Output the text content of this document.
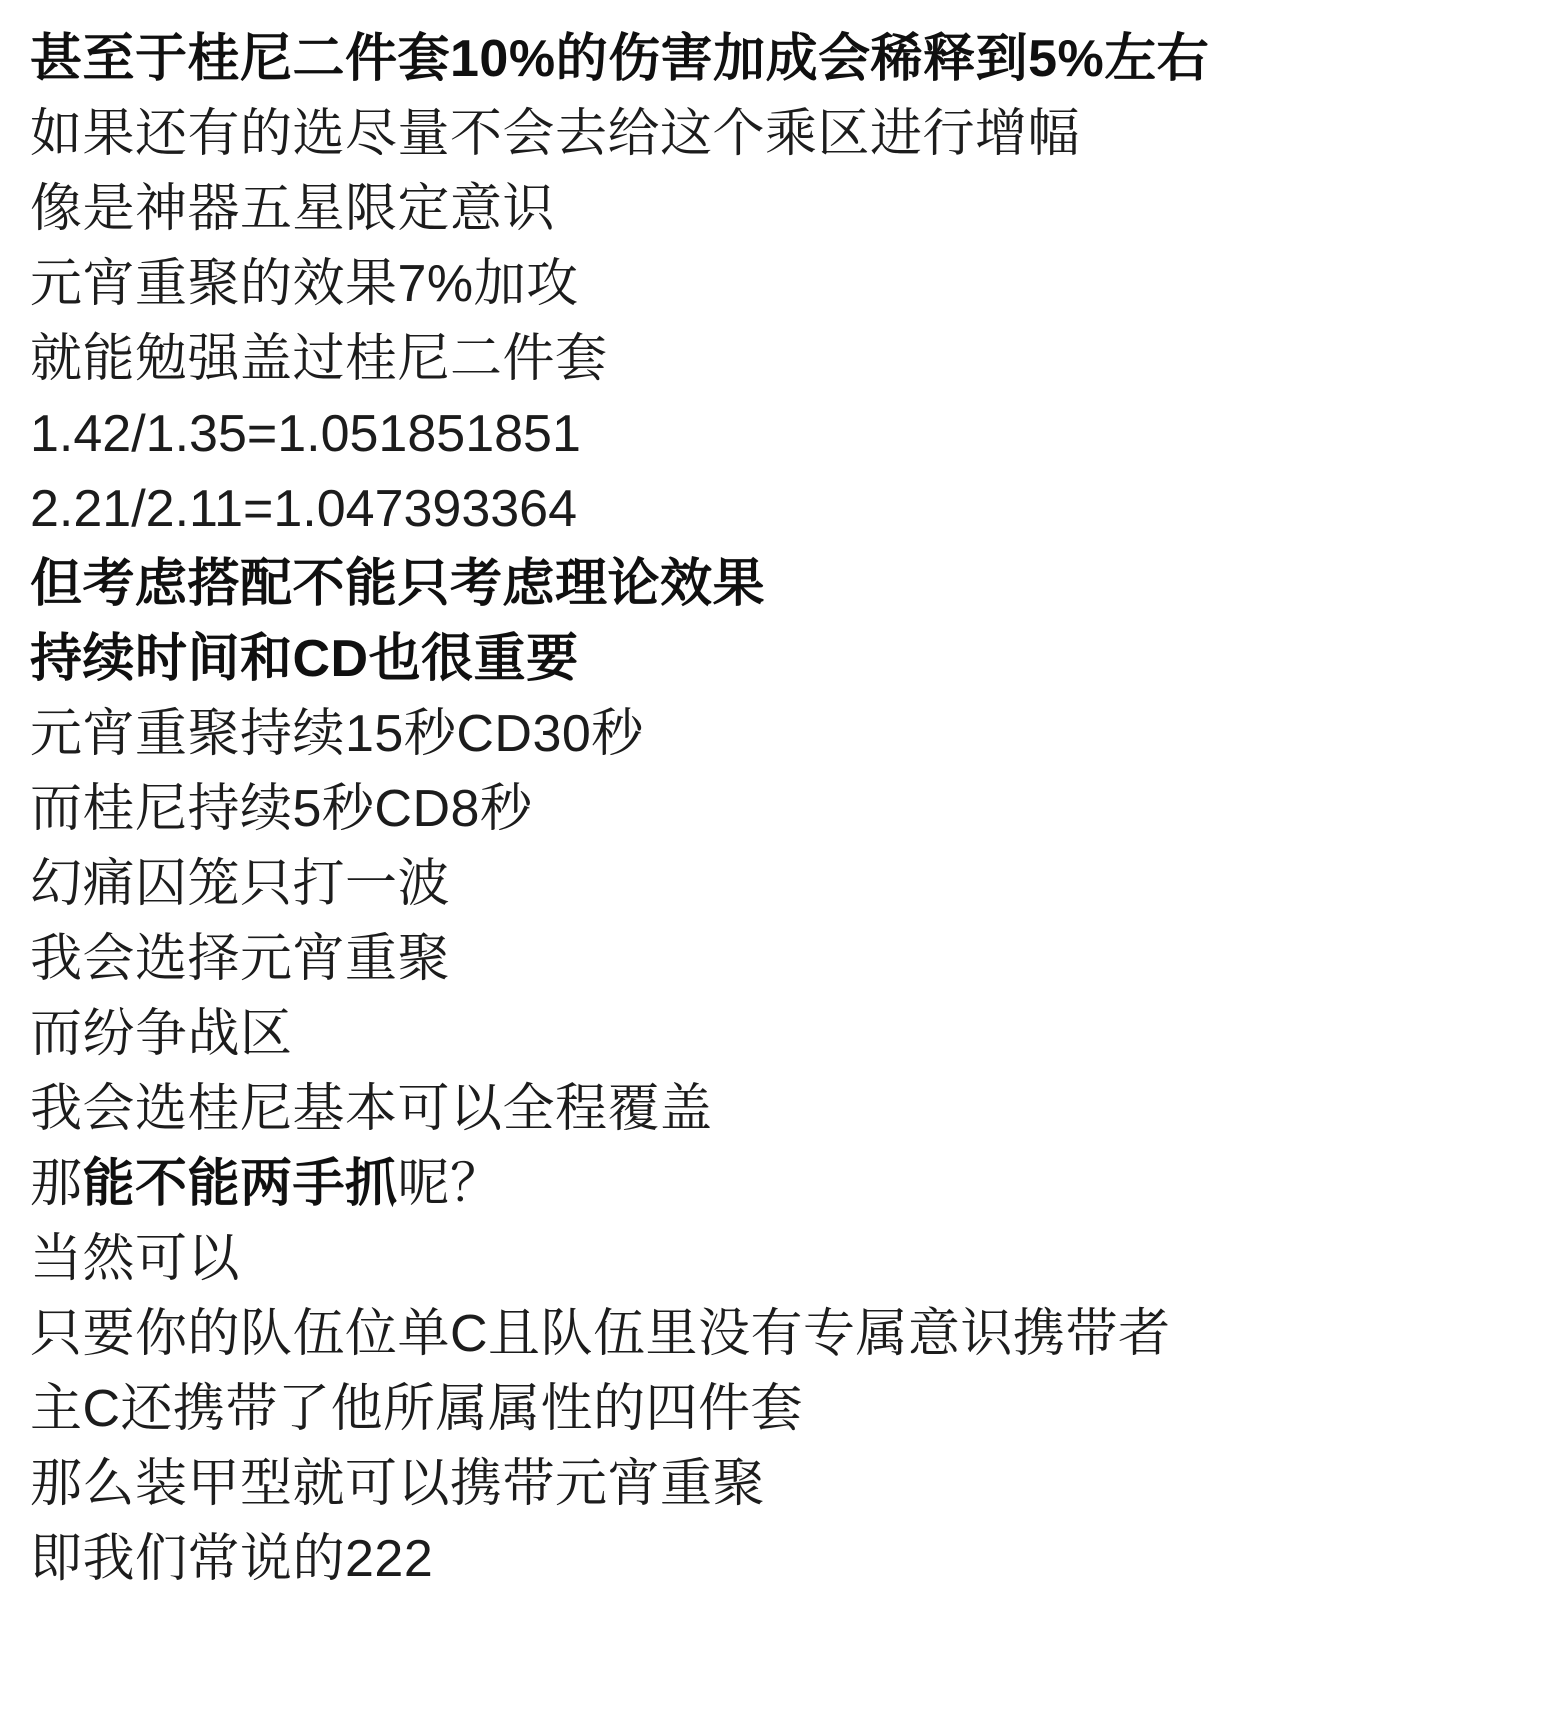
甚至于桂尼二件套10%的伤害加成会稀释到5%左右
如果还有的选尽量不会去给这个乘区进行增幅
像是神器五星限定意识
元宵重聚的效果7%加攻
就能勉强盖过桂尼二件套
1.42/1.35=1.051851851
2.21/2.11=1.047393364
但考虑搭配不能只考虑理论效果
持续时间和CD也很重要
元宵重聚持续15秒CD30秒
而桂尼持续5秒CD8秒
幻痛囚笼只打一波
我会选择元宵重聚
而纷争战区
我会选桂尼基本可以全程覆盖
那能不能两手抓呢？
当然可以
只要你的队伍位单C且队伍里没有专属意识携带者
主C还携带了他所属属性的四件套
那么装甲型就可以携带元宵重聚
即我们常说的222
